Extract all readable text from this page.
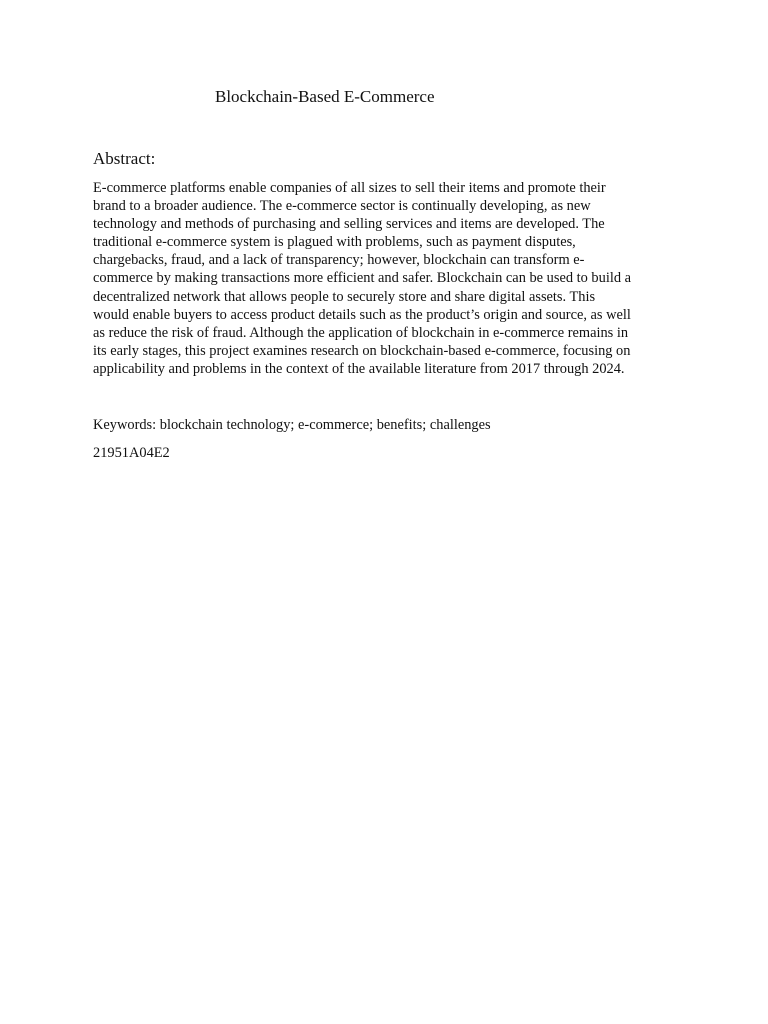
Blockchain-Based E-Commerce
Abstract:
E-commerce platforms enable companies of all sizes to sell their items and promote their
brand to a broader audience. The e-commerce sector is continually developing, as new
technology and methods of purchasing and selling services and items are developed. The
traditional e-commerce system is plagued with problems, such as payment disputes,
chargebacks, fraud, and a lack of transparency; however, blockchain can transform e-
commerce by making transactions more efficient and safer. Blockchain can be used to build a
decentralized network that allows people to securely store and share digital assets. This
would enable buyers to access product details such as the product’s origin and source, as well
as reduce the risk of fraud. Although the application of blockchain in e-commerce remains in
its early stages, this project examines research on blockchain-based e-commerce, focusing on
applicability and problems in the context of the available literature from 2017 through 2024.
Keywords: blockchain technology; e-commerce; benefits; challenges
21951A04E2
